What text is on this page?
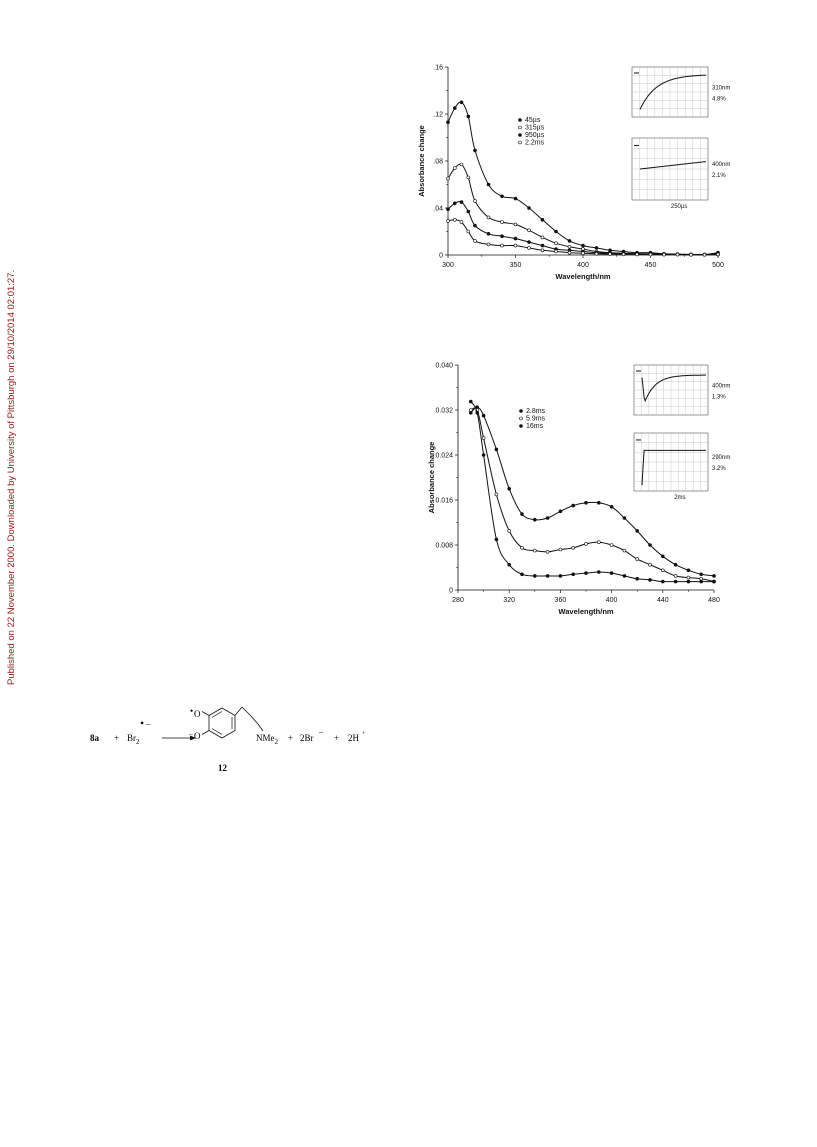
Published on 22 November 2000. Downloaded by University of Pittsburgh on 29/10/2014 02:01:27.
300	350	400	450	500
.16
.12
.08
.04
0
Wavelength/nm
Absorbance change
45µs
315µs
950µs
2.2ms
310nm
4.8%
400nm
2.1%
250µs
280	320	360	400	440	480
0.040
0.032
0.024
0.016
0.008
0
Wavelength/nm
Absorbance change
2.8ms
5.9ms
16ms
400nm
1.3%
290nm
3.2%
2ms
$8a + Br_2$
• –
• O
– O	NMe$_2$ + 2Br
–
+ 2H +
12
